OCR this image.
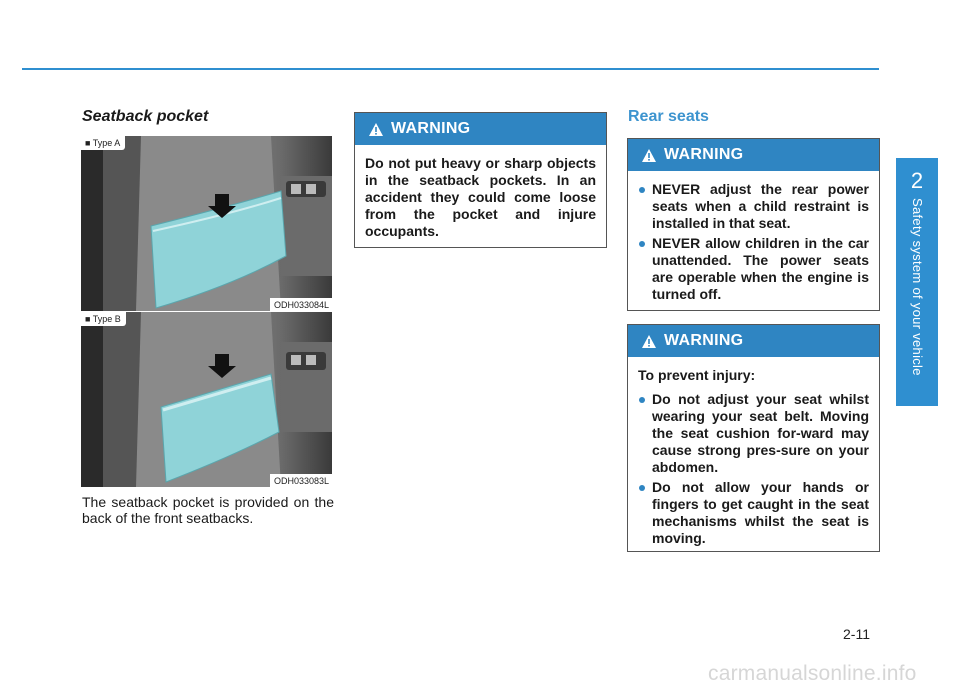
Seatback pocket
■ Type A
ODH033084L
■ Type B
ODH033083L
The seatback pocket is provided on the back of the front seatbacks.
WARNING

Do not put heavy or sharp objects in the seatback pockets. In an accident they could come loose from the pocket and injure occupants.

Rear seats
WARNING
NEVER adjust the rear power seats when a child restraint is installed in that seat.
NEVER allow children in the car unattended. The power seats are operable when the engine is turned off.
WARNING

To prevent injury:

Do not adjust your seat whilst wearing your seat belt. Moving the seat cushion for-ward may cause strong pres-sure on your abdomen.
Do not allow your hands or fingers to get caught in the seat mechanisms whilst the seat is moving.
2
Safety system of your vehicle
2-11
carmanualsonline.info
